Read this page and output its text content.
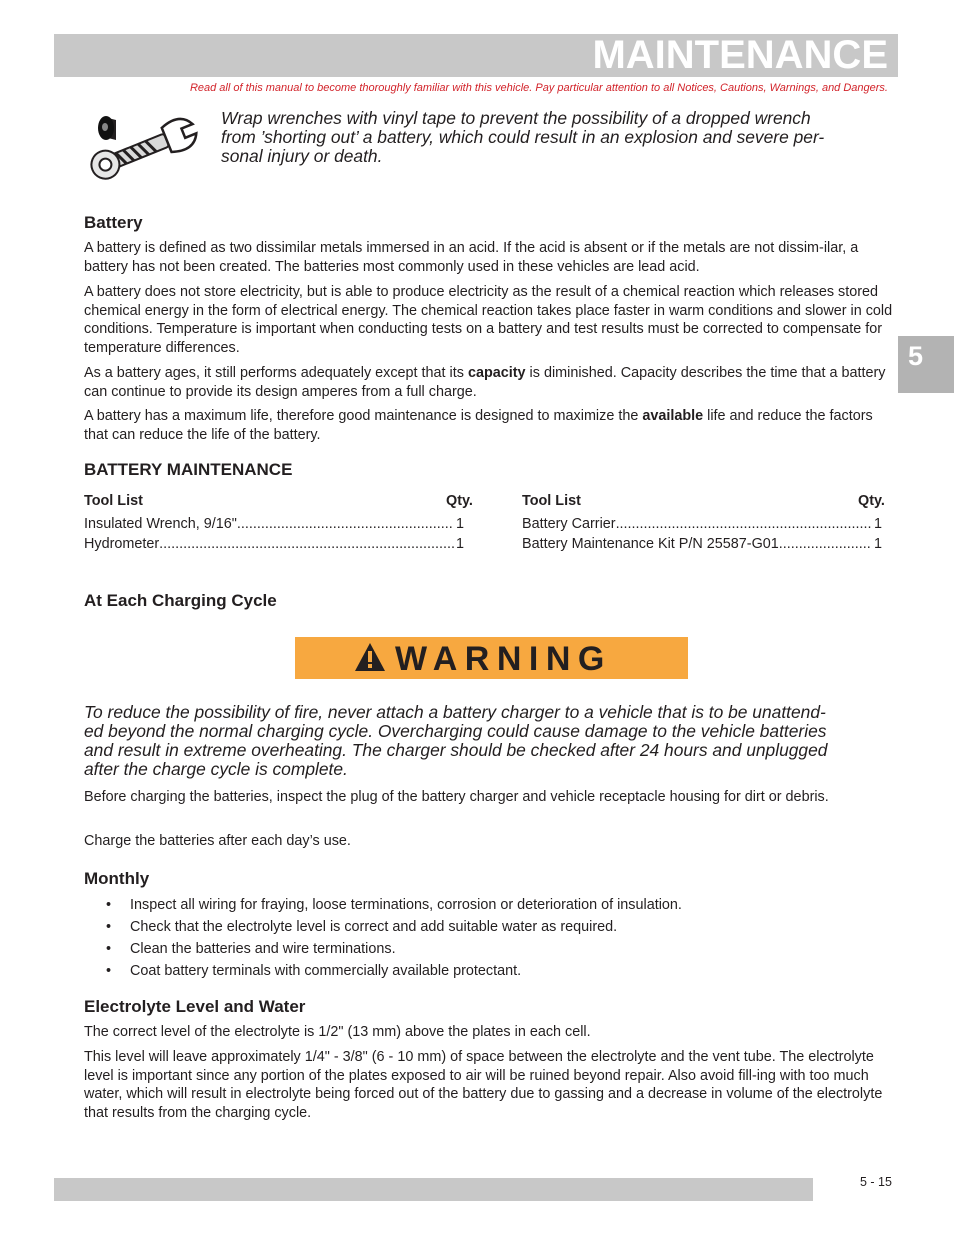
MAINTENANCE
Read all of this manual to become thoroughly familiar with this vehicle. Pay particular attention to all Notices, Cautions, Warnings, and Dangers.
Wrap wrenches with vinyl tape to prevent the possibility of a dropped wrench
from ’shorting out’ a battery, which could result in an explosion and severe per-
sonal injury or death.
Battery
A battery is defined as two dissimilar metals immersed in an acid. If the acid is absent or if the metals are not dissim-ilar, a battery has not been created. The batteries most commonly used in these vehicles are lead acid.
A battery does not store electricity, but is able to produce electricity as the result of a chemical reaction which releases stored chemical energy in the form of electrical energy. The chemical reaction takes place faster in warm conditions and slower in cold conditions. Temperature is important when conducting tests on a battery and test results must be corrected to compensate for temperature differences.
As a battery ages, it still performs adequately except that its capacity is diminished. Capacity describes the time that a battery can continue to provide its design amperes from a full charge.
A battery has a maximum life, therefore good maintenance is designed to maximize the available life and reduce the factors that can reduce the life of the battery.
BATTERY MAINTENANCE
Tool List	Qty.
Insulated Wrench, 9/16" .....	1
Hydrometer .....	1
Tool List	Qty.
Battery Carrier .....	1
Battery Maintenance Kit P/N 25587-G01 .....	1
At Each Charging Cycle
WARNING
To reduce the possibility of fire, never attach a battery charger to a vehicle that is to be unattend-
ed beyond the normal charging cycle. Overcharging could cause damage to the vehicle batteries
and result in extreme overheating. The charger should be checked after 24 hours and unplugged
after the charge cycle is complete.
Before charging the batteries, inspect the plug of the battery charger and vehicle receptacle housing for dirt or debris.
Charge the batteries after each day’s use.
Monthly
• Inspect all wiring for fraying, loose terminations, corrosion or deterioration of insulation.
• Check that the electrolyte level is correct and add suitable water as required.
• Clean the batteries and wire terminations.
• Coat battery terminals with commercially available protectant.
Electrolyte Level and Water
The correct level of the electrolyte is 1/2" (13 mm) above the plates in each cell.
This level will leave approximately 1/4" - 3/8" (6 - 10 mm) of space between the electrolyte and the vent tube. The electrolyte level is important since any portion of the plates exposed to air will be ruined beyond repair. Also avoid fill-ing with too much water, which will result in electrolyte being forced out of the battery due to gassing and a decrease in volume of the electrolyte that results from the charging cycle.
5 - 15
5
